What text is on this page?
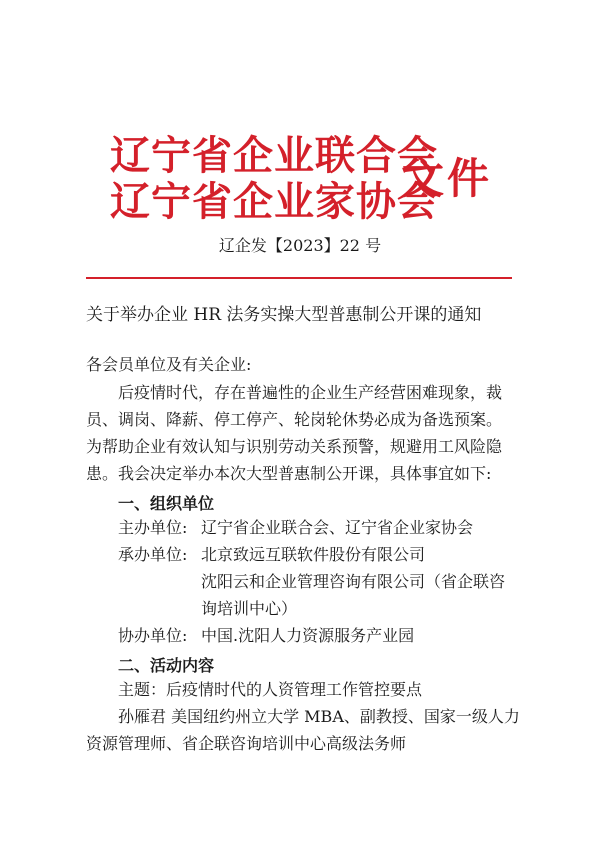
辽宁省企业联合会
辽宁省企业家协会
文件
辽企发【2023】22 号
关于举办企业 HR 法务实操大型普惠制公开课的通知
各会员单位及有关企业:
后疫情时代，存在普遍性的企业生产经营困难现象，裁
员、调岗、降薪、停工停产、轮岗轮休势必成为备选预案。
为帮助企业有效认知与识别劳动关系预警，规避用工风险隐
患。我会决定举办本次大型普惠制公开课，具体事宜如下:
一、组织单位
主办单位: 辽宁省企业联合会、辽宁省企业家协会
承办单位: 北京致远互联软件股份有限公司
沈阳云和企业管理咨询有限公司（省企联咨
询培训中心）
协办单位: 中国.沈阳人力资源服务产业园
二、活动内容
主题：后疫情时代的人资管理工作管控要点
孙雁君 美国纽约州立大学 MBA、副教授、国家一级人力
资源管理师、省企联咨询培训中心高级法务师
